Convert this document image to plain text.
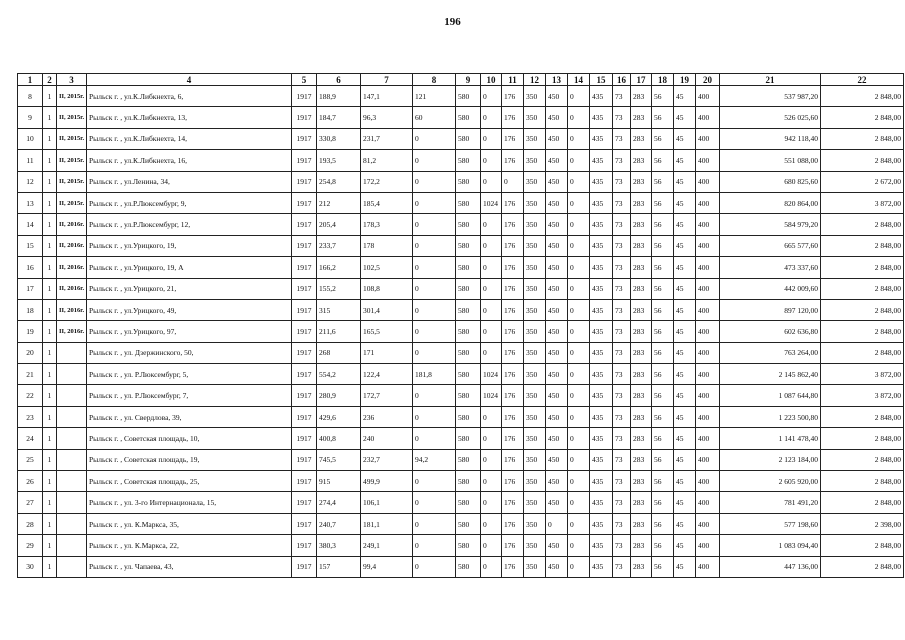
196
1	2	3	4	5	6	7	8	9	10	11	12	13	14	15	16	17	18	19	20	21	22
8	1	II, 2015г.	Рыльск г. , ул.К.Либкнехта, 6,	1917	188,9	147,1	121	580	0	176	350	450	0	435	73	283	56	45	400	537 987,20	2 848,00
9	1	II, 2015г.	Рыльск г. , ул.К.Либкнехта, 13,	1917	184,7	96,3	60	580	0	176	350	450	0	435	73	283	56	45	400	526 025,60	2 848,00
10	1	II, 2015г.	Рыльск г. , ул.К.Либкнехта, 14,	1917	330,8	231,7	0	580	0	176	350	450	0	435	73	283	56	45	400	942 118,40	2 848,00
11	1	II, 2015г.	Рыльск г. , ул.К.Либкнехта, 16,	1917	193,5	81,2	0	580	0	176	350	450	0	435	73	283	56	45	400	551 088,00	2 848,00
12	1	II, 2015г.	Рыльск г. , ул.Ленина, 34,	1917	254,8	172,2	0	580	0	0	350	450	0	435	73	283	56	45	400	680 825,60	2 672,00
13	1	II, 2015г.	Рыльск г. , ул.Р.Люксембург, 9,	1917	212	185,4	0	580	1024	176	350	450	0	435	73	283	56	45	400	820 864,00	3 872,00
14	1	II, 2016г.	Рыльск г. , ул.Р.Люксембург, 12,	1917	205,4	178,3	0	580	0	176	350	450	0	435	73	283	56	45	400	584 979,20	2 848,00
15	1	II, 2016г.	Рыльск г. , ул.Урицкого, 19,	1917	233,7	178	0	580	0	176	350	450	0	435	73	283	56	45	400	665 577,60	2 848,00
16	1	II, 2016г.	Рыльск г. , ул.Урицкого, 19, А	1917	166,2	102,5	0	580	0	176	350	450	0	435	73	283	56	45	400	473 337,60	2 848,00
17	1	II, 2016г.	Рыльск г. , ул.Урицкого, 21,	1917	155,2	108,8	0	580	0	176	350	450	0	435	73	283	56	45	400	442 009,60	2 848,00
18	1	II, 2016г.	Рыльск г. , ул.Урицкого, 49,	1917	315	301,4	0	580	0	176	350	450	0	435	73	283	56	45	400	897 120,00	2 848,00
19	1	II, 2016г.	Рыльск г. , ул.Урицкого, 97,	1917	211,6	165,5	0	580	0	176	350	450	0	435	73	283	56	45	400	602 636,80	2 848,00
20	1		Рыльск г. , ул. Дзержинского, 50,	1917	268	171	0	580	0	176	350	450	0	435	73	283	56	45	400	763 264,00	2 848,00
21	1		Рыльск г. , ул. Р.Люксембург, 5,	1917	554,2	122,4	181,8	580	1024	176	350	450	0	435	73	283	56	45	400	2 145 862,40	3 872,00
22	1		Рыльск г. , ул. Р.Люксембург, 7,	1917	280,9	172,7	0	580	1024	176	350	450	0	435	73	283	56	45	400	1 087 644,80	3 872,00
23	1		Рыльск г. , ул. Свердлова, 39,	1917	429,6	236	0	580	0	176	350	450	0	435	73	283	56	45	400	1 223 500,80	2 848,00
24	1		Рыльск г. , Советская площадь, 10,	1917	400,8	240	0	580	0	176	350	450	0	435	73	283	56	45	400	1 141 478,40	2 848,00
25	1		Рыльск г. , Советская площадь, 19,	1917	745,5	232,7	94,2	580	0	176	350	450	0	435	73	283	56	45	400	2 123 184,00	2 848,00
26	1		Рыльск г. , Советская площадь, 25,	1917	915	499,9	0	580	0	176	350	450	0	435	73	283	56	45	400	2 605 920,00	2 848,00
27	1		Рыльск г. , ул. 3-го Интернационала, 15,	1917	274,4	106,1	0	580	0	176	350	450	0	435	73	283	56	45	400	781 491,20	2 848,00
28	1		Рыльск г. , ул. К.Маркса, 35,	1917	240,7	181,1	0	580	0	176	350	0	0	435	73	283	56	45	400	577 198,60	2 398,00
29	1		Рыльск г. , ул. К.Маркса, 22,	1917	380,3	249,1	0	580	0	176	350	450	0	435	73	283	56	45	400	1 083 094,40	2 848,00
30	1		Рыльск г. , ул. Чапаева, 43,	1917	157	99,4	0	580	0	176	350	450	0	435	73	283	56	45	400	447 136,00	2 848,00
